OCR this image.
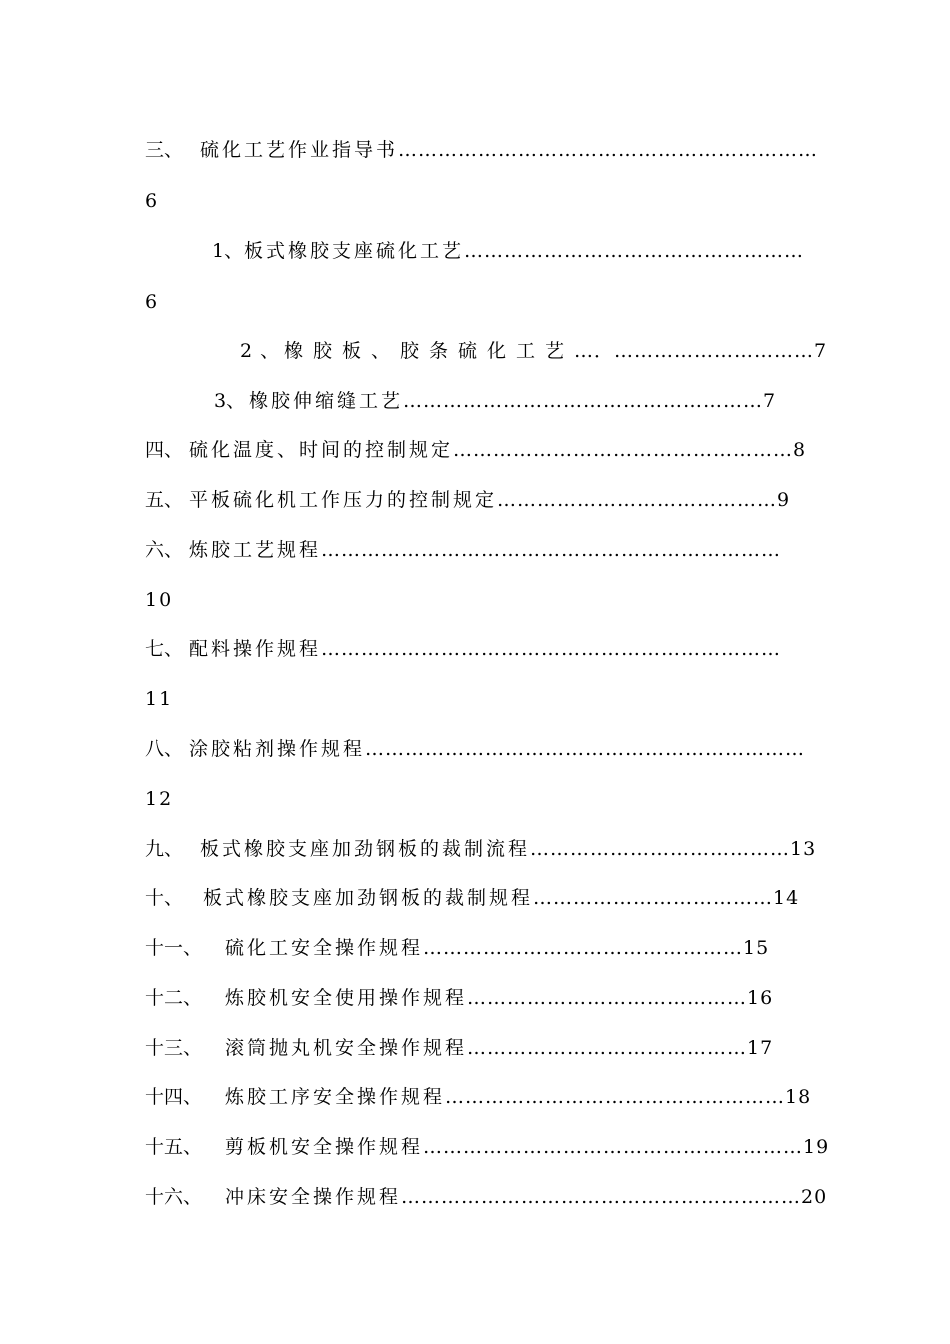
三、 硫化工艺作业指导书………………………………………………………
6
1、板式橡胶支座硫化工艺……………………………………………
6
2、橡胶板、胶条硫化工艺…．…………………………7
3、 橡胶伸缩缝工艺………………………………………………7
四、 硫化温度、时间的控制规定……………………………………………8
五、 平板硫化机工作压力的控制规定……………………………………9
六、 炼胶工艺规程……………………………………………………………
10
七、 配料操作规程……………………………………………………………
11
八、 涂胶粘剂操作规程…………………………………………………………
12
九、 板式橡胶支座加劲钢板的裁制流程…………………………………13
十、 板式橡胶支座加劲钢板的裁制规程………………………………14
十一、 硫化工安全操作规程…………………………………………15
十二、 炼胶机安全使用操作规程……………………………………16
十三、 滚筒抛丸机安全操作规程……………………………………17
十四、 炼胶工序安全操作规程……………………………………………18
十五、 剪板机安全操作规程…………………………………………………19
十六、 冲床安全操作规程……………………………………………………20
